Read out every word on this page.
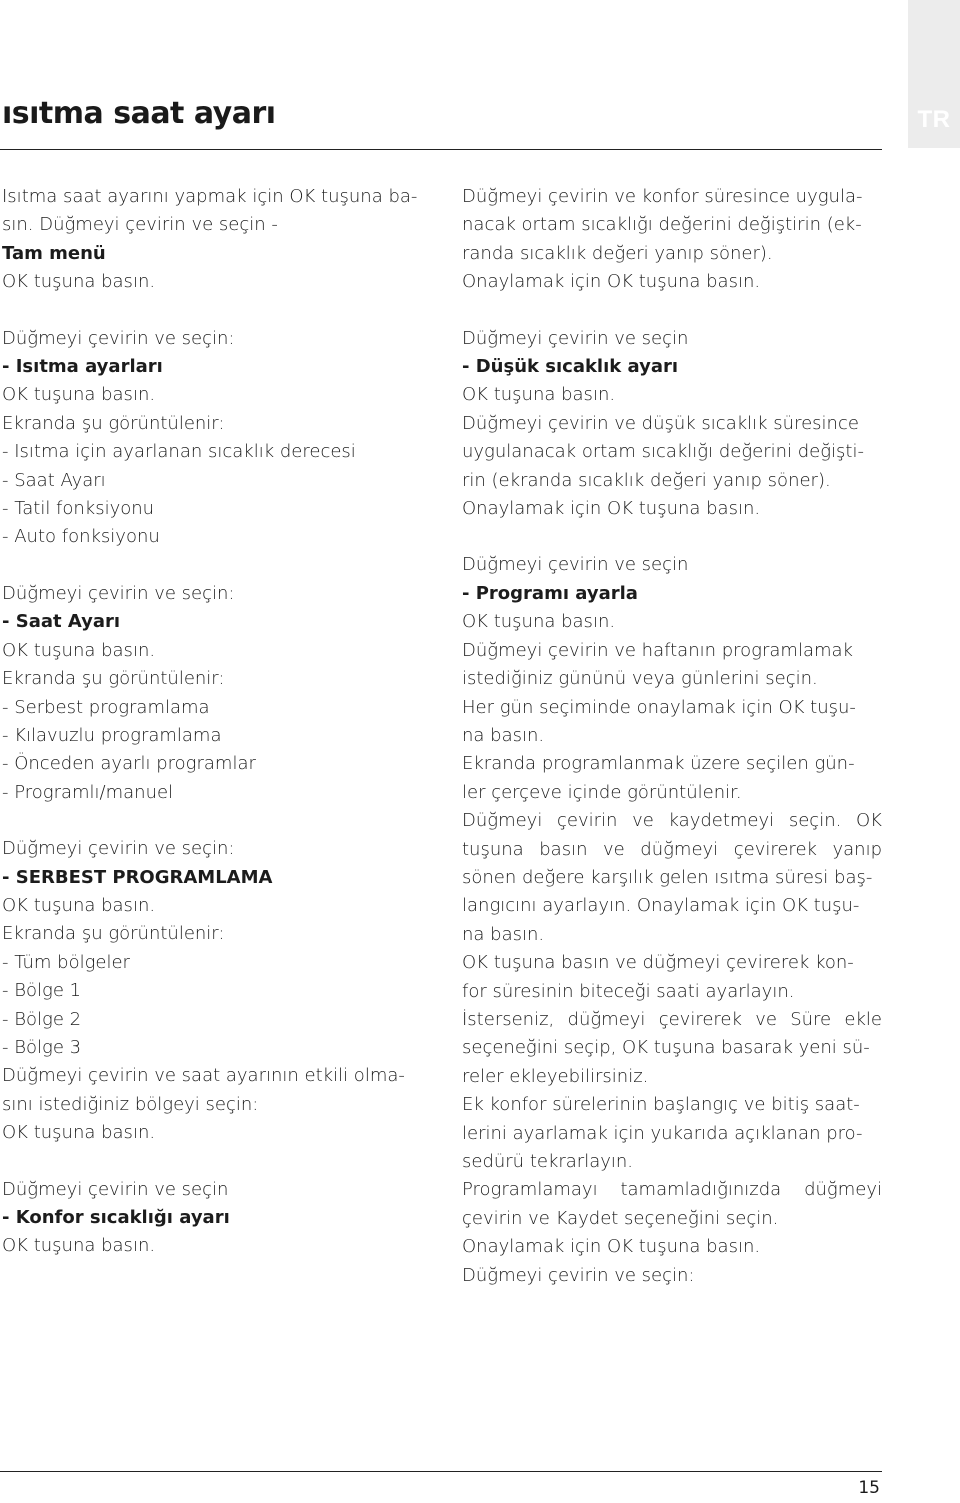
TR
ısıtma saat ayarı
Isıtma saat ayarını yapmak için OK tuşuna ba-
sın. Düğmeyi çevirin ve seçin -
Tam menü
OK tuşuna basın.
Düğmeyi çevirin ve seçin:
- Isıtma ayarları
OK tuşuna basın.
Ekranda şu görüntülenir:
- Isıtma için ayarlanan sıcaklık derecesi
- Saat Ayarı
- Tatil fonksiyonu
- Auto fonksiyonu
Düğmeyi çevirin ve seçin:
- Saat Ayarı
OK tuşuna basın.
Ekranda şu görüntülenir:
- Serbest programlama
- Kılavuzlu programlama
- Önceden ayarlı programlar
- Programlı/manuel
Düğmeyi çevirin ve seçin:
- SERBEST PROGRAMLAMA
OK tuşuna basın.
Ekranda şu görüntülenir:
- Tüm bölgeler
- Bölge 1
- Bölge 2
- Bölge 3
Düğmeyi çevirin ve saat ayarının etkili olma-
sını istediğiniz bölgeyi seçin:
OK tuşuna basın.
Düğmeyi çevirin ve seçin
- Konfor sıcaklığı ayarı
OK tuşuna basın.
Düğmeyi çevirin ve konfor süresince uygula-
nacak ortam sıcaklığı değerini değiştirin (ek-
randa sıcaklık değeri yanıp söner).
Onaylamak için OK tuşuna basın.
Düğmeyi çevirin ve seçin
- Düşük sıcaklık ayarı
OK tuşuna basın.
Düğmeyi çevirin ve düşük sıcaklık süresince
uygulanacak ortam sıcaklığı değerini değişti-
rin (ekranda sıcaklık değeri yanıp söner).
Onaylamak için OK tuşuna basın.
Düğmeyi çevirin ve seçin
- Programı ayarla
OK tuşuna basın.
Düğmeyi çevirin ve haftanın programlamak
istediğiniz gününü veya günlerini seçin.
Her gün seçiminde onaylamak için OK tuşu-
na basın.
Ekranda programlanmak üzere seçilen gün-
ler çerçeve içinde görüntülenir.
Düğmeyi çevirin ve kaydetmeyi seçin. OK
tuşuna basın ve düğmeyi çevirerek yanıp
sönen değere karşılık gelen ısıtma süresi baş-
langıcını ayarlayın. Onaylamak için OK tuşu-
na basın.
OK tuşuna basın ve düğmeyi çevirerek kon-
for süresinin biteceği saati ayarlayın.
İsterseniz, düğmeyi çevirerek ve Süre ekle
seçeneğini seçip, OK tuşuna basarak yeni sü-
reler ekleyebilirsiniz.
Ek konfor sürelerinin başlangıç ve bitiş saat-
lerini ayarlamak için yukarıda açıklanan pro-
sedürü tekrarlayın.
Programlamayı tamamladığınızda düğmeyi
çevirin ve Kaydet seçeneğini seçin.
Onaylamak için OK tuşuna basın.
Düğmeyi çevirin ve seçin:
15
